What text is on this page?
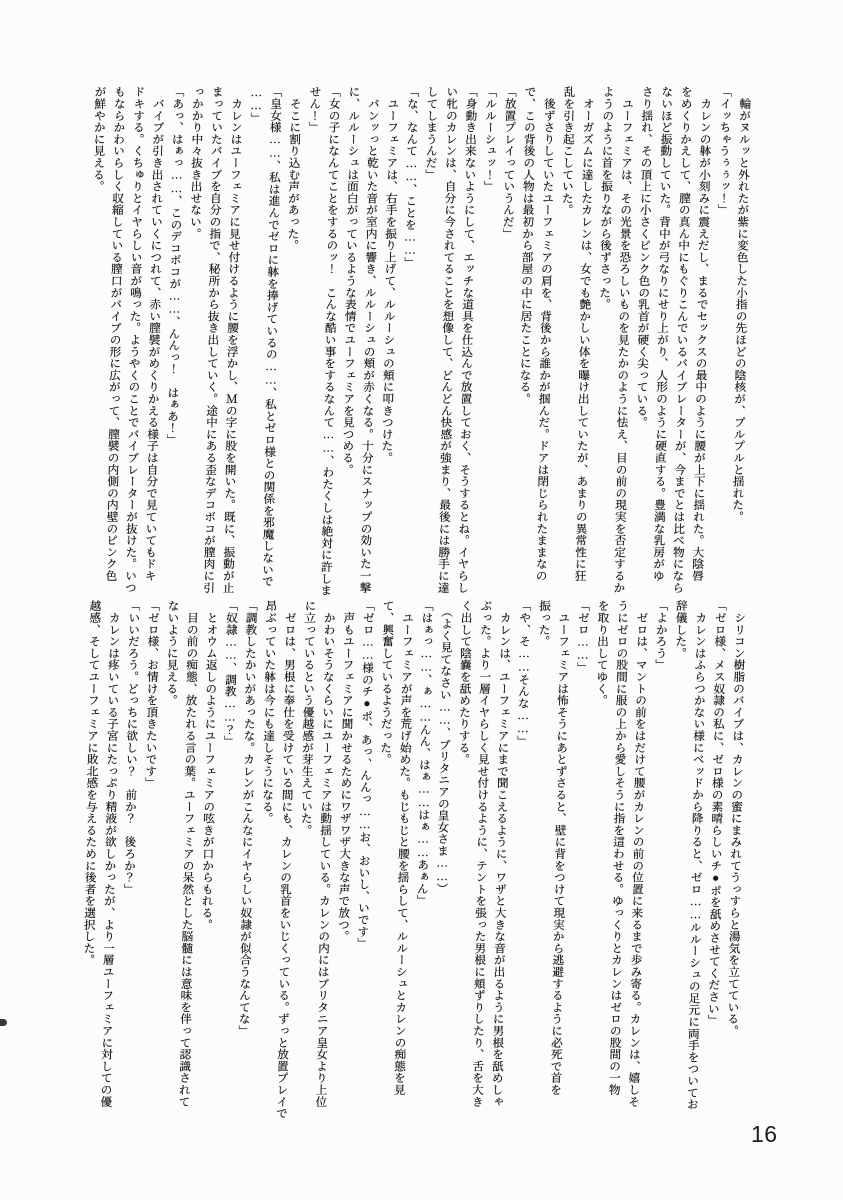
　輪がヌルッと外れたが紫に変色した小指の先ほどの陰核が、プルプルと揺れた。
「イッちゃうぅぅッ！」
　カレンの躰が小刻みに震えだし、まるでセックスの最中のように腰が上下に揺れた。大陰唇
をめくりかえして、膣の真ん中にもぐりこんでいるバイブレーターが、今までとは比べ物になら
ないほど振動していた。背中が弓なりにせり上がり、人形のように硬直する。豊満な乳房がゆ
さり揺れ、その頂上に小さくピンク色の乳首が硬く尖っている。
　ユーフェミアは、その光景を恐ろしいものを見たかのように怯え、目の前の現実を否定するか
ようのように首を振りながら後ずさった。
　オーガズムに達したカレンは、女でも艶かしい体を曝け出していたが、あまりの異常性に狂
乱を引き起こしていた。
　後ずさりしていたユーフェミアの肩を、背後から誰かが掴んだ。ドアは閉じられたままなの
で、この背後の人物は最初から部屋の中に居たことになる。
「放置プレイっていうんだ」
「ルルーシュッ！」
「身動き出来ないようにして、エッチな道具を仕込んで放置しておく、そうするとね。イヤらし
い牝のカレンは、自分に今されてることを想像して、どんどん快感が強まり、最後には勝手に達
してしまうんだ」
「な、なんて……、ことを……」
　ユーフェミアは、右手を振り上げて、ルルーシュの頬に叩きつけた。
　パンッっと乾いた音が室内に響き、ルルーシュの頬が赤くなる。十分にスナップの効いた一撃
に、ルルーシュは面白がっているような表情でユーフェミアを見つめる。
「女の子になんてことをするのッ！　こんな酷い事をするなんて……、わたくしは絶対に許しま
せん！」
　そこに割り込む声があった。
「皇女様……、私は進んでゼロに躰を捧げているの……、私とゼロ様との関係を邪魔しないで
……」
　カレンはユーフェミアに見せ付けるように腰を浮かし、Ｍの字に股を開いた。既に、振動が止
まっていたバイブを自分の指で、秘所から抜き出していく。途中にある歪なデコボコが膣肉に引
っかかり中々抜き出せない。
「あっ、はぁっ……、このデコボコが……、んんっ！　はぁあ！」
　バイブが引き出されていくにつれて、赤い膣襞がめくりかえる様子は自分で見ていてもドキ
ドキする。くちゅりとイヤらしい音が鳴った。ようやくのことでバイブレーターが抜けた。いつ
もならかわいらしく収縮している膣口がバイブの形に広がって、膣襞の内側の内壁のピンク色
が鮮やかに見える。
　シリコン樹脂のバイブは、カレンの蜜にまみれてうっすらと湯気を立てている。
「ゼロ様、メス奴隷の私に、ゼロ様の素晴らしいチ●ポを舐めさせてください」
　カレンはふらつかない様にベッドから降りると、ゼロ……ルルーシュの足元に両手をついてお
辞儀した。
「よかろう」
　ゼロは、マントの前をはだけて腰がカレンの前の位置に来るまで歩み寄る。カレンは、嬉しそ
うにゼロの股間に服の上から愛しそうに指を這わせる。ゆっくりとカレンはゼロの股間の一物
を取り出してゆく。
「ゼロ……」
　ユーフェミアは怖そうにあとずさると、壁に背をつけて現実から逃避するように必死で首を
振った。
「や、そ……そんな……」
　カレンは、ユーフェミアにまで聞こえるように、ワザと大きな音が出るように男根を舐めしゃ
ぶった。より一層イヤらしく見せ付けるように、テントを張った男根に頬ずりしたり、舌を大き
く出して陰嚢を舐めたりする。
　（よく見てなさい……、ブリタニアの皇女さま……）
「はぁっ……、ぁ……んん、はぁ……はぁ……あぁん」
　ユーフェミアが声を荒げ始めた。もじもじと腰を揺らして、ルルーシュとカレンの痴態を見
て、興奮しているようだった。
「ゼロ……様のチ●ポ、あっ、んんっ……お、おいし、いです」
　声もユーフェミアに聞かせるためにワザワザ大きな声で放つ。
　かわいそうなくらいにユーフェミアは動揺している。カレンの内にはブリタニア皇女より上位
に立っているという優越感が芽生えていた。
　ゼロは、男根に奉仕を受けている間にも、カレンの乳首をいじくっている。ずっと放置プレイで
昂ぶっていた躰は今にも達しそうになる。
「調教したかいがあったな。カレンがこんなにイヤらしい奴隷が似合うなんてな」
「奴隷……、調教……？」
　とオウム返しのようにユーフェミアの呟きが口からもれる。
　目の前の痴態、放たれる言の葉。ユーフェミアの呆然とした脳髄には意味を伴って認識されて
ないように見える。
「ゼロ様、お情けを頂きたいです」
「いいだろう。どっちに欲しい？　前か？　後ろか？」
　カレンは疼いている子宮にたっぷり精液が欲しかったが、より一層ユーフェミアに対しての優
越感、そしてユーフェミアに敗北感を与えるために後者を選択した。
16
